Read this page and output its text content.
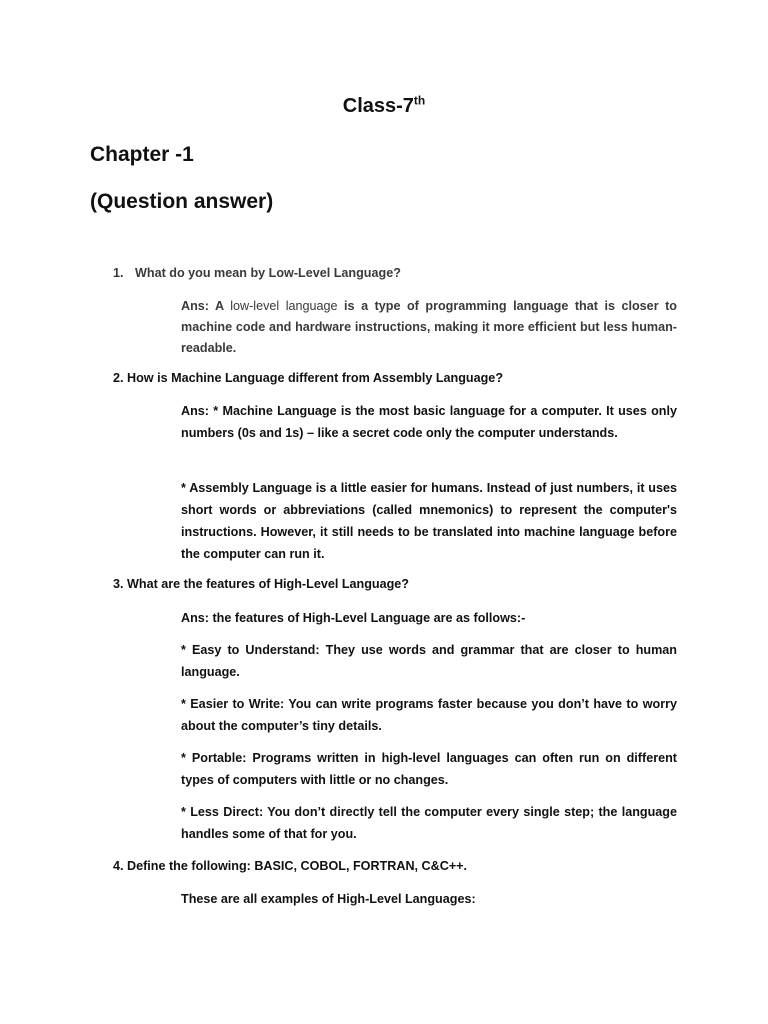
Class-7th
Chapter -1
(Question answer)
1. What do you mean by Low-Level Language?
Ans: A low-level language is a type of programming language that is closer to machine code and hardware instructions, making it more efficient but less human-readable.
2. How is Machine Language different from Assembly Language?

Ans: * Machine Language is the most basic language for a computer. It uses only numbers (0s and 1s) – like a secret code only the computer understands.

* Assembly Language is a little easier for humans. Instead of just numbers, it uses short words or abbreviations (called mnemonics) to represent the computer's instructions. However, it still needs to be translated into machine language before the computer can run it.

3. What are the features of High-Level Language?

Ans: the features of High-Level Language are as follows:-

* Easy to Understand: They use words and grammar that are closer to human language.

* Easier to Write: You can write programs faster because you don’t have to worry about the computer’s tiny details.

* Portable: Programs written in high-level languages can often run on different types of computers with little or no changes.

* Less Direct: You don’t directly tell the computer every single step; the language handles some of that for you.

4. Define the following: BASIC, COBOL, FORTRAN, C&C++.

These are all examples of High-Level Languages:
